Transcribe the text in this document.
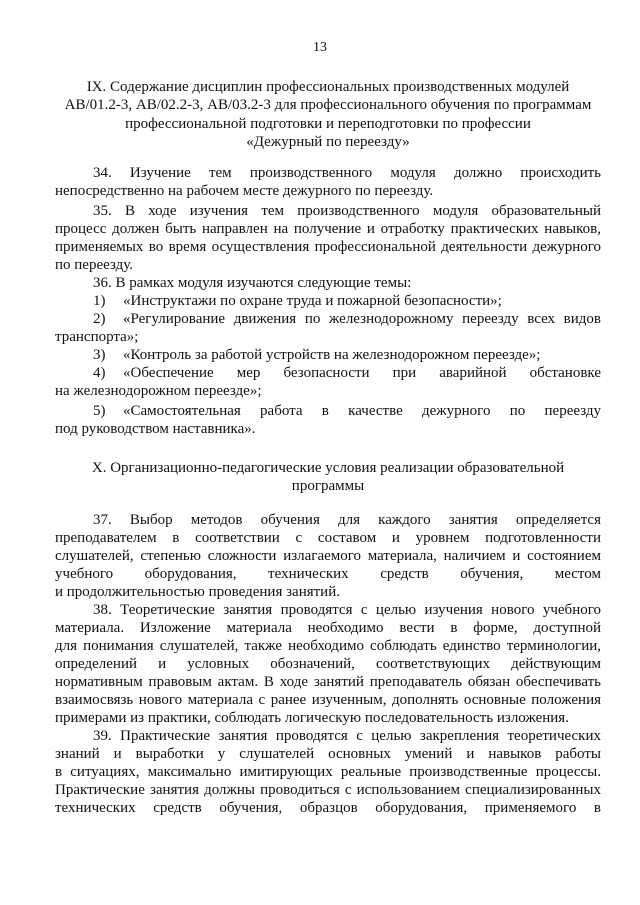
13
IX. Содержание дисциплин профессиональных производственных модулей
АВ/01.2-3, АВ/02.2-3, АВ/03.2-3 для профессионального обучения по программам
профессиональной подготовки и переподготовки по профессии
«Дежурный по переезду»
34. Изучение тем производственного модуля должно происходить
непосредственно на рабочем месте дежурного по переезду.
35. В ходе изучения тем производственного модуля образовательный
процесс должен быть направлен на получение и отработку практических навыков,
применяемых во время осуществления профессиональной деятельности дежурного
по переезду.
36. В рамках модуля изучаются следующие темы:
1) «Инструктажи по охране труда и пожарной безопасности»;
2)	«Регулирование движения по железнодорожному переезду всех видов
транспорта»;
3) «Контроль за работой устройств на железнодорожном переезде»;
4)	«Обеспечение мер безопасности при аварийной обстановке
на железнодорожном переезде»;
5)	«Самостоятельная работа в качестве дежурного по переезду
под руководством наставника».
X. Организационно-педагогические условия реализации образовательной
программы
37. Выбор методов обучения для каждого занятия определяется
преподавателем в соответствии с составом и уровнем подготовленности
слушателей, степенью сложности излагаемого материала, наличием и состоянием
учебного оборудования, технических средств обучения, местом
и продолжительностью проведения занятий.
38. Теоретические занятия проводятся с целью изучения нового учебного
материала. Изложение материала необходимо вести в форме, доступной
для понимания слушателей, также необходимо соблюдать единство терминологии,
определений и условных обозначений, соответствующих действующим
нормативным правовым актам. В ходе занятий преподаватель обязан обеспечивать
взаимосвязь нового материала с ранее изученным, дополнять основные положения
примерами из практики, соблюдать логическую последовательность изложения.
39. Практические занятия проводятся с целью закрепления теоретических
знаний и выработки у слушателей основных умений и навыков работы
в ситуациях, максимально имитирующих реальные производственные процессы.
Практические занятия должны проводиться с использованием специализированных
технических средств обучения, образцов оборудования, применяемого в
